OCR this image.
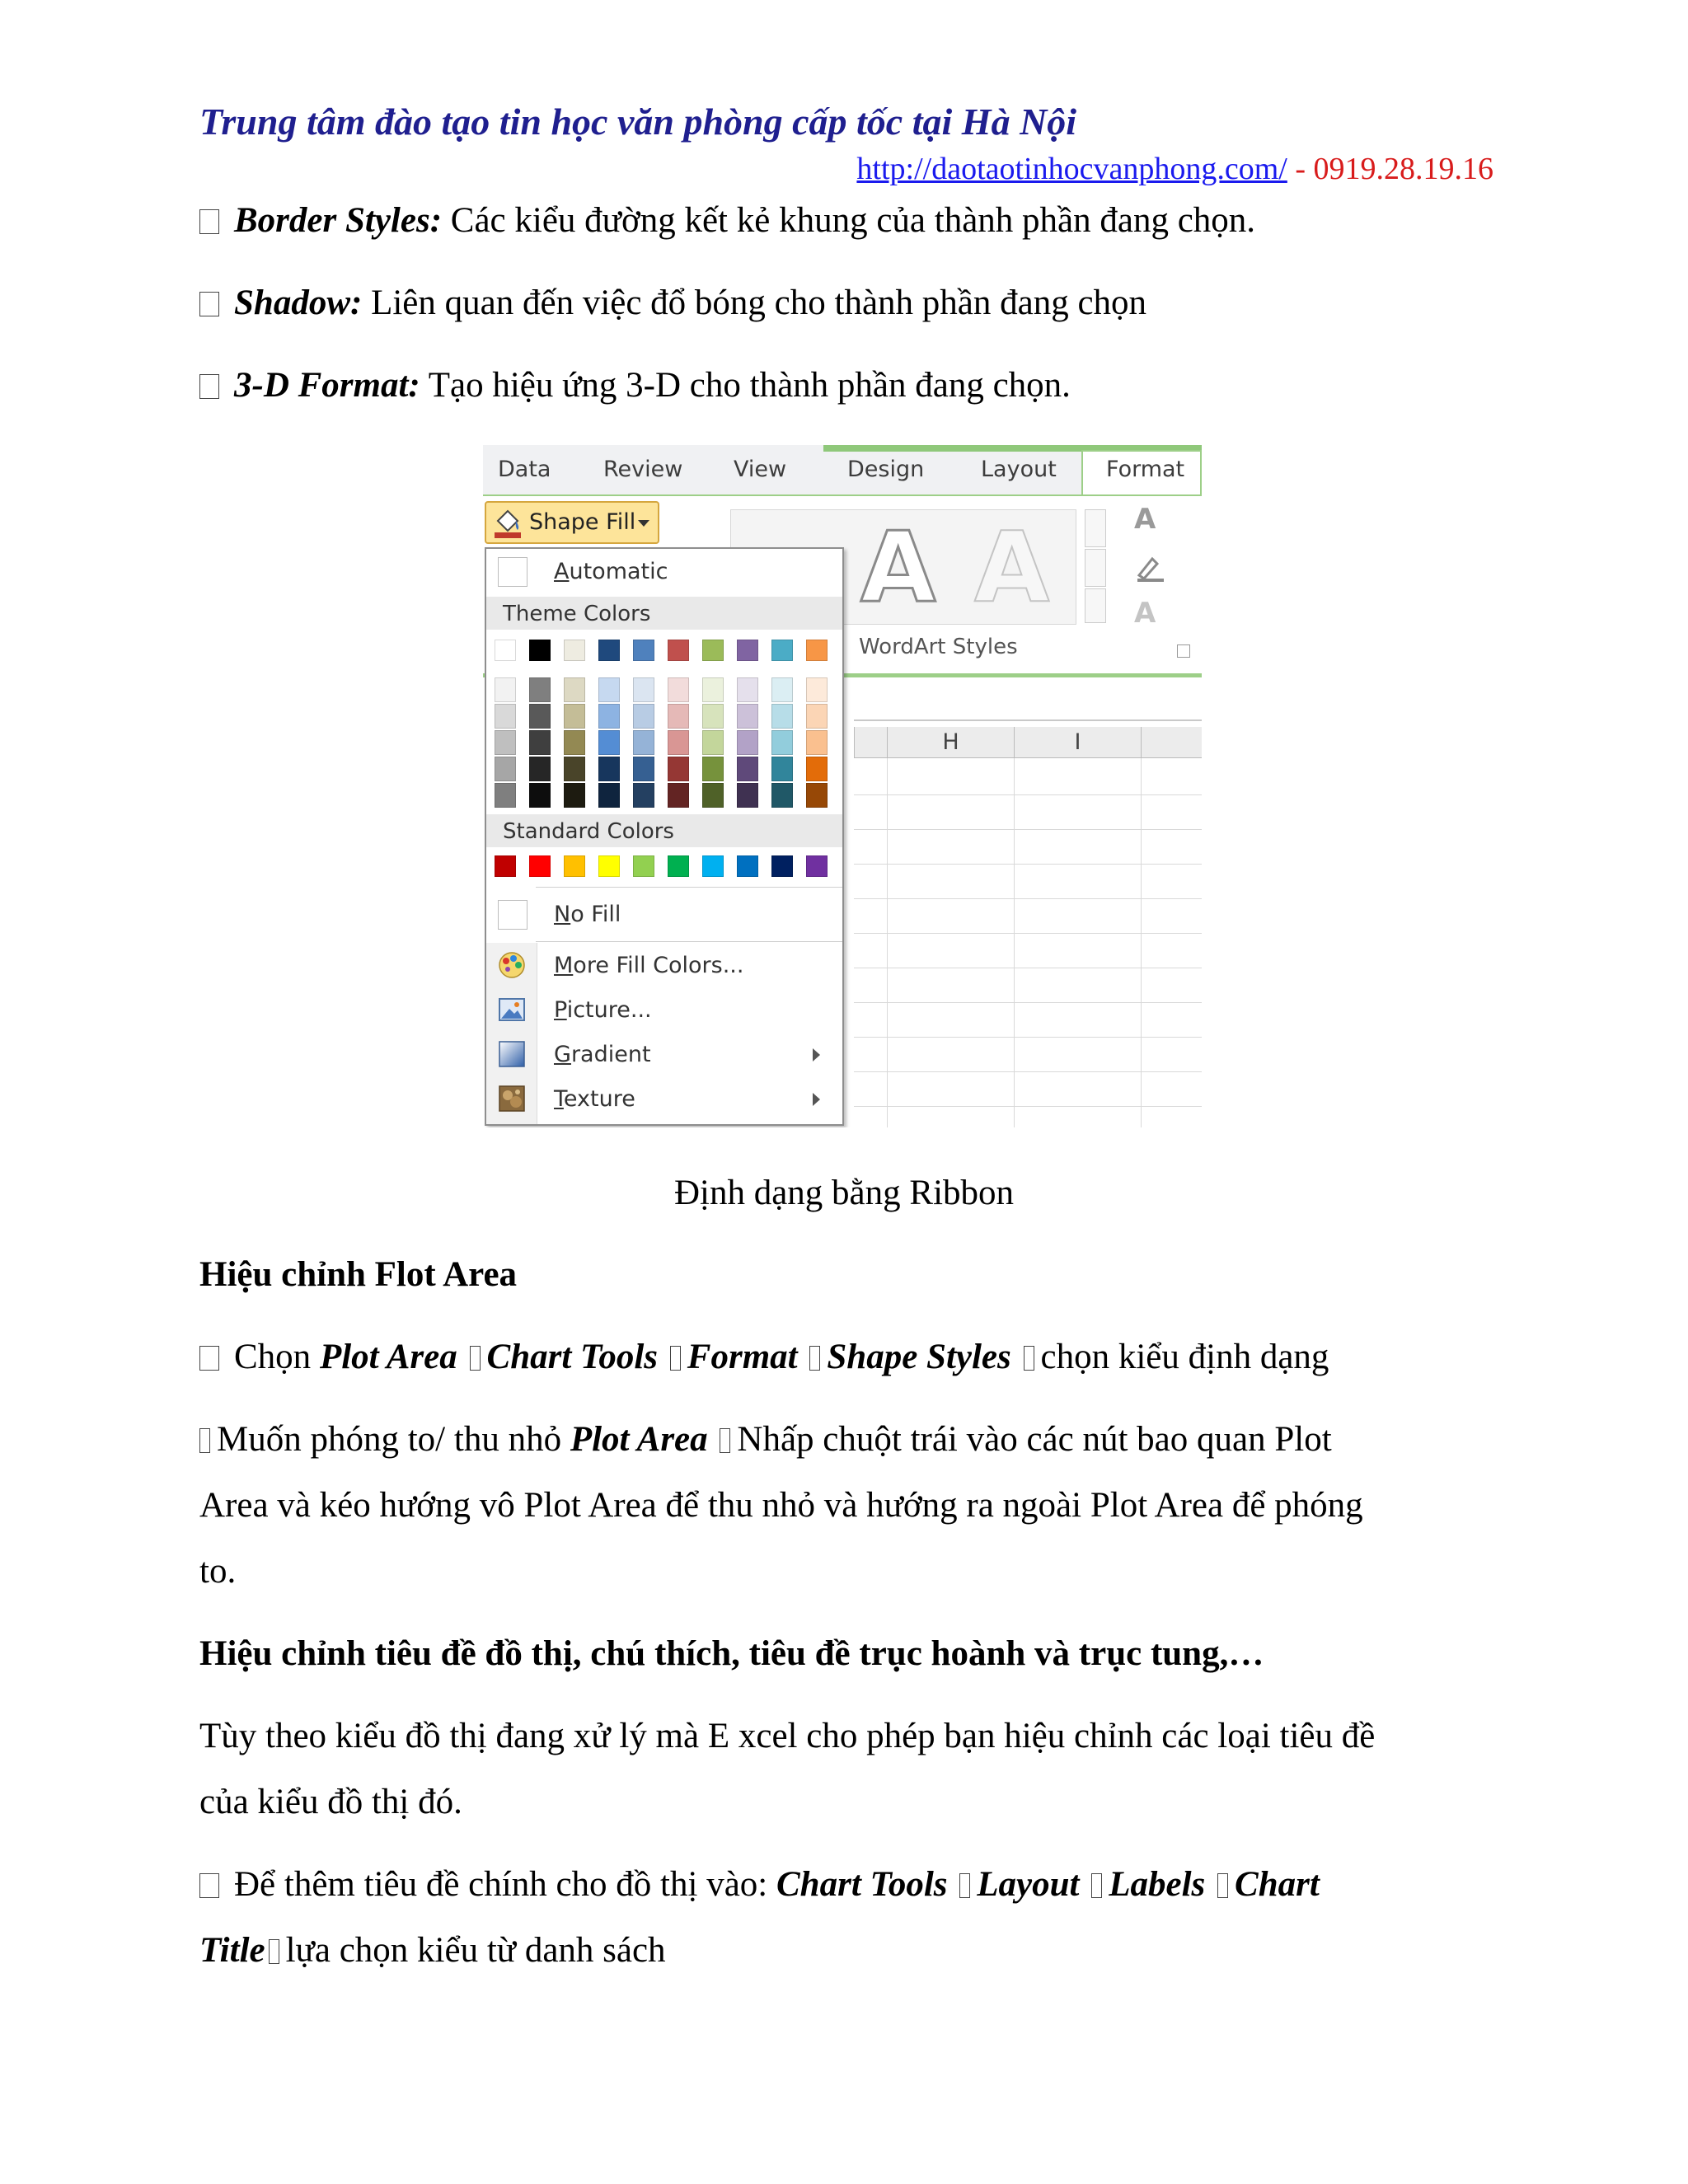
Trung tâm đào tạo tin học văn phòng cấp tốc tại Hà Nội
http://daotaotinhocvanphong.com/ - 0919.28.19.16
Border Styles: Các kiểu đường kết kẻ khung của thành phần đang chọn.
Shadow: Liên quan đến việc đổ bóng cho thành phần đang chọn
3-D Format: Tạo hiệu ứng 3-D cho thành phần đang chọn.
Data Review View	Design	Layout Format
A A	A
A
WordArt Styles
H	I
Shape Fill
Automatic
Theme Colors
Standard Colors
No Fill
More Fill Colors...
Picture...
Gradient
Texture
Định dạng bằng Ribbon
Hiệu chỉnh Flot Area
Chọn Plot Area Chart Tools Format Shape Styles chọn kiểu định dạng
Muốn phóng to/ thu nhỏ Plot Area Nhấp chuột trái vào các nút bao quan Plot
Area và kéo hướng vô Plot Area để thu nhỏ và hướng ra ngoài Plot Area để phóng
to.
Hiệu chỉnh tiêu đề đồ thị, chú thích, tiêu đề trục hoành và trục tung,…
Tùy theo kiểu đồ thị đang xử lý mà E xcel cho phép bạn hiệu chỉnh các loại tiêu đề
của kiểu đồ thị đó.
Để thêm tiêu đề chính cho đồ thị vào: Chart Tools Layout Labels Chart
Title lựa chọn kiểu từ danh sách
